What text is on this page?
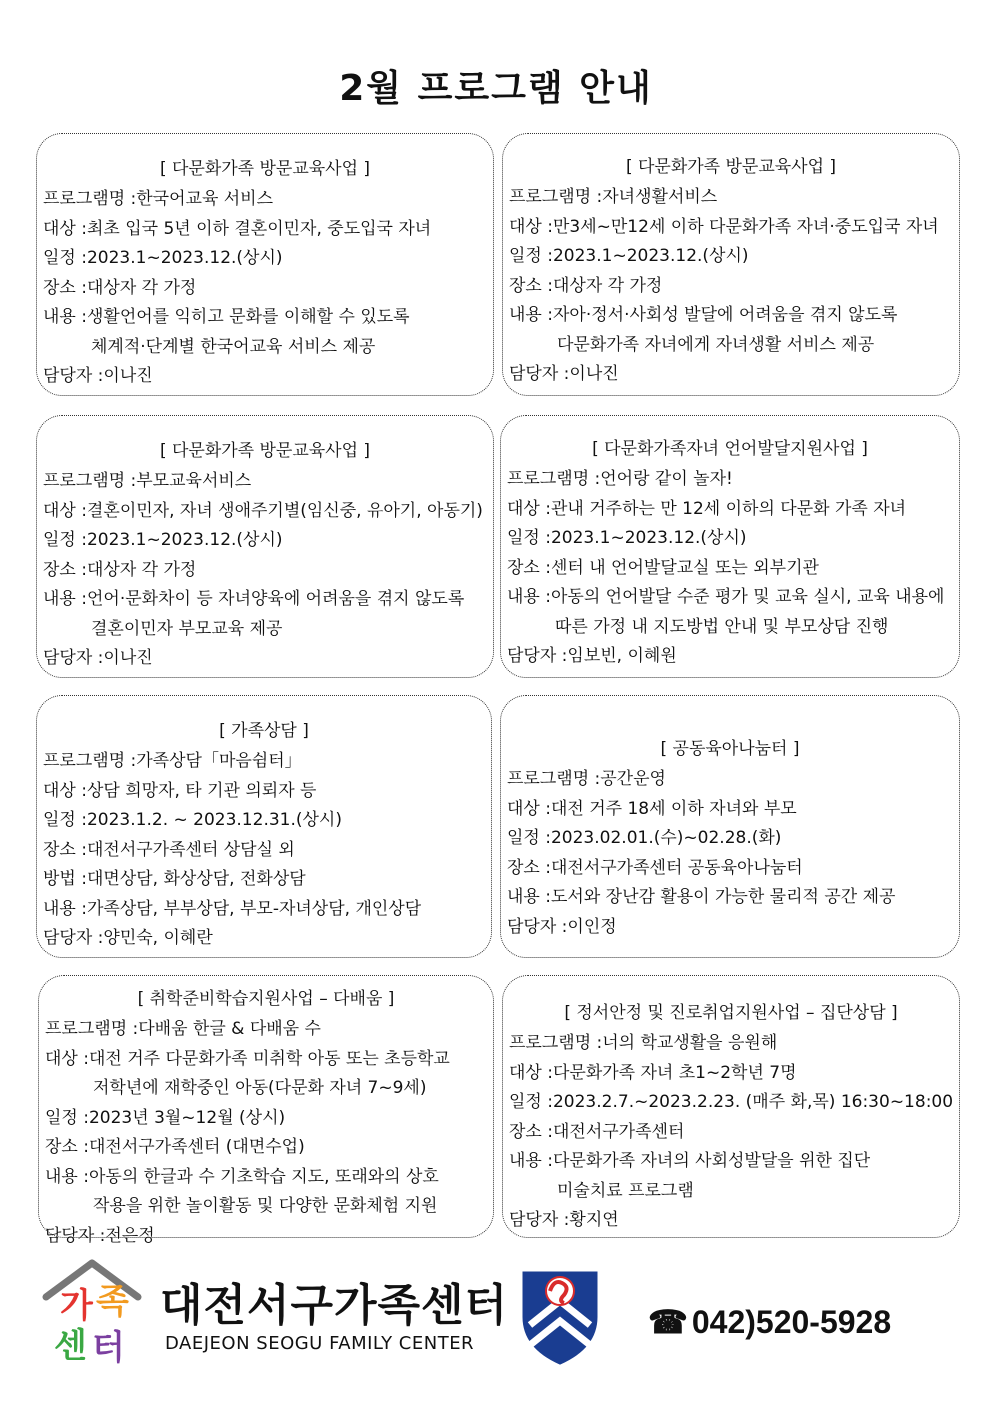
2월 프로그램 안내
[ 다문화가족 방문교육사업 ]
프로그램명 : 한국어교육 서비스
대상 : 최초 입국 5년 이하 결혼이민자, 중도입국 자녀
일정 : 2023.1~2023.12.(상시)
장소 : 대상자 각 가정
내용 : 생활언어를 익히고 문화를 이해할 수 있도록
체계적·단계별 한국어교육 서비스 제공
담당자 : 이나진
[ 다문화가족 방문교육사업 ]
프로그램명 : 자녀생활서비스
대상 : 만3세~만12세 이하 다문화가족 자녀·중도입국 자녀
일정 : 2023.1~2023.12.(상시)
장소 : 대상자 각 가정
내용 : 자아·정서·사회성 발달에 어려움을 겪지 않도록
다문화가족 자녀에게 자녀생활 서비스 제공
담당자 : 이나진
[ 다문화가족 방문교육사업 ]
프로그램명 : 부모교육서비스
대상 : 결혼이민자, 자녀 생애주기별(임신중, 유아기, 아동기)
일정 : 2023.1~2023.12.(상시)
장소 : 대상자 각 가정
내용 : 언어·문화차이 등 자녀양육에 어려움을 겪지 않도록
결혼이민자 부모교육 제공
담당자 : 이나진
[ 다문화가족자녀 언어발달지원사업 ]
프로그램명 : 언어랑 같이 놀자!
대상 : 관내 거주하는 만 12세 이하의 다문화 가족 자녀
일정 : 2023.1~2023.12.(상시)
장소 : 센터 내 언어발달교실 또는 외부기관
내용 : 아동의 언어발달 수준 평가 및 교육 실시, 교육 내용에
따른 가정 내 지도방법 안내 및 부모상담 진행
담당자 : 임보빈, 이혜원
[ 가족상담 ]
프로그램명 : 가족상담「마음쉼터」
대상 : 상담 희망자, 타 기관 의뢰자 등
일정 : 2023.1.2. ~ 2023.12.31.(상시)
장소 : 대전서구가족센터 상담실 외
방법 : 대면상담, 화상상담, 전화상담
내용 : 가족상담, 부부상담, 부모-자녀상담, 개인상담
담당자 : 양민숙, 이혜란
[ 공동육아나눔터 ]
프로그램명 : 공간운영
대상 : 대전 거주 18세 이하 자녀와 부모
일정 : 2023.02.01.(수)~02.28.(화)
장소 : 대전서구가족센터 공동육아나눔터
내용 : 도서와 장난감 활용이 가능한 물리적 공간 제공
담당자 : 이인정
[ 취학준비학습지원사업 – 다배움 ]
프로그램명 : 다배움 한글 & 다배움 수
대상 : 대전 거주 다문화가족 미취학 아동 또는 초등학교
저학년에 재학중인 아동(다문화 자녀 7~9세)
일정 : 2023년 3월~12월 (상시)
장소 : 대전서구가족센터 (대면수업)
내용 : 아동의 한글과 수 기초학습 지도, 또래와의 상호
작용을 위한 놀이활동 및 다양한 문화체험 지원
담당자 : 전은정
[ 정서안정 및 진로취업지원사업 – 집단상담 ]
프로그램명 : 너의 학교생활을 응원해
대상 : 다문화가족 자녀 초1~2학년 7명
일정 : 2023.2.7.~2023.2.23. (매주 화,목) 16:30~18:00
장소 : 대전서구가족센터
내용 : 다문화가족 자녀의 사회성발달을 위한 집단
미술치료 프로그램
담당자 : 황지연
가 족
센 터
대전서구가족센터
DAEJEON SEOGU FAMILY CENTER
☎ 042)520-5928
